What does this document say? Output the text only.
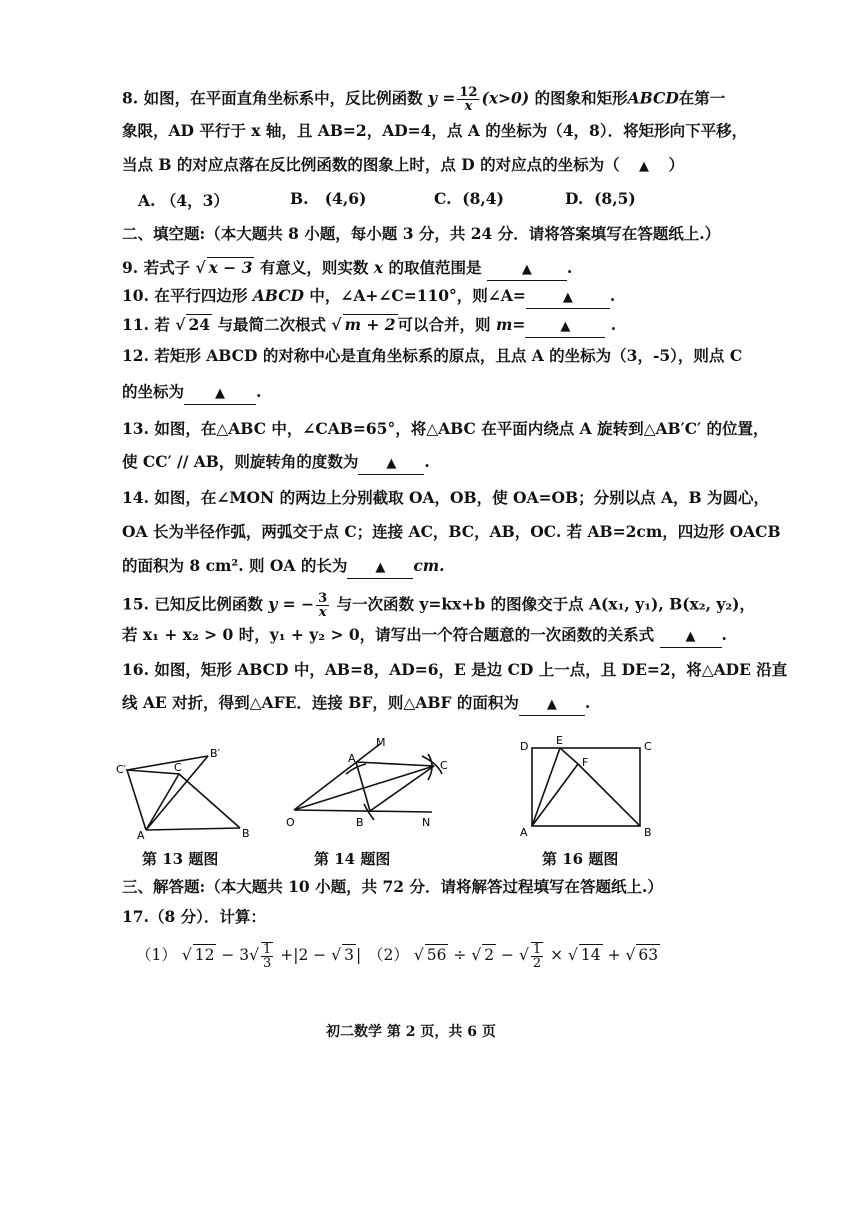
8. 如图，在平面直角坐标系中，反比例函数 $y = \frac{12}{x} (x>0)$ 的图象和矩形ABCD在第一
象限，AD 平行于 x 轴，且 AB=2，AD=4，点 A 的坐标为（4，8）．将矩形向下平移，
当点 B 的对应点落在反比例函数的图象上时，点 D 的对应点的坐标为（ ▲ ）
A. （4，3）	B. (4,6)	C. (8,4)	D. (8,5)
二、填空题:（本大题共 8 小题，每小题 3 分，共 24 分．请将答案填写在答题纸上.）
9. 若式子 √ x − 3 有意义，则实数 x 的取值范围是	▲ .
10. 在平行四边形 ABCD 中，∠A+∠C=110°，则∠A=	▲ .
11. 若 √ 24 与最简二次根式 √ m + 2 可以合并，则 m=	▲	.
12. 若矩形 ABCD 的对称中心是直角坐标系的原点，且点 A 的坐标为（3，-5），则点 C
的坐标为 ▲ .
13. 如图，在△ABC 中，∠CAB=65°，将△ABC 在平面内绕点 A 旋转到△AB′C′ 的位置，
使 CC′ // AB，则旋转角的度数为 ▲ .
14. 如图，在∠MON 的两边上分别截取 OA，OB，使 OA=OB；分别以点 A，B 为圆心，
OA 长为半径作弧，两弧交于点 C；连接 AC，BC，AB，OC. 若 AB=2cm，四边形 OACB
的面积为 8 cm². 则 OA 的长为 ▲ cm.
15. 已知反比例函数 y = − $\frac{3}{x}$ 与一次函数 y=kx+b 的图像交于点 A(x₁, y₁), B(x₂, y₂)，
若 x₁ + x₂ > 0 时，y₁ + y₂ > 0，请写出一个符合题意的一次函数的关系式 ▲ .
16. 如图，矩形 ABCD 中，AB=8，AD=6，E 是边 CD 上一点，且 DE=2，将△ADE 沿直
线 AE 对折，得到△AFE．连接 BF，则△ABF 的面积为 ▲ .
C′	C
B′
A	B
第 13 题图
M
A
C
O	B	N
第 14 题图
D	E	C
F
A	B
第 16 题图
三、解答题:（本大题共 10 小题，共 72 分．请将解答过程填写在答题纸上.）
17.（8 分）．计算：
（1） √ $12 - 3√ \frac{1}{3} +|2$ − √ 3 | （2） √ 56 ÷ √ 2 − √ $\frac{1}{2}$ × √ 14 + √ 63
初二数学 第 2 页，共 6 页
